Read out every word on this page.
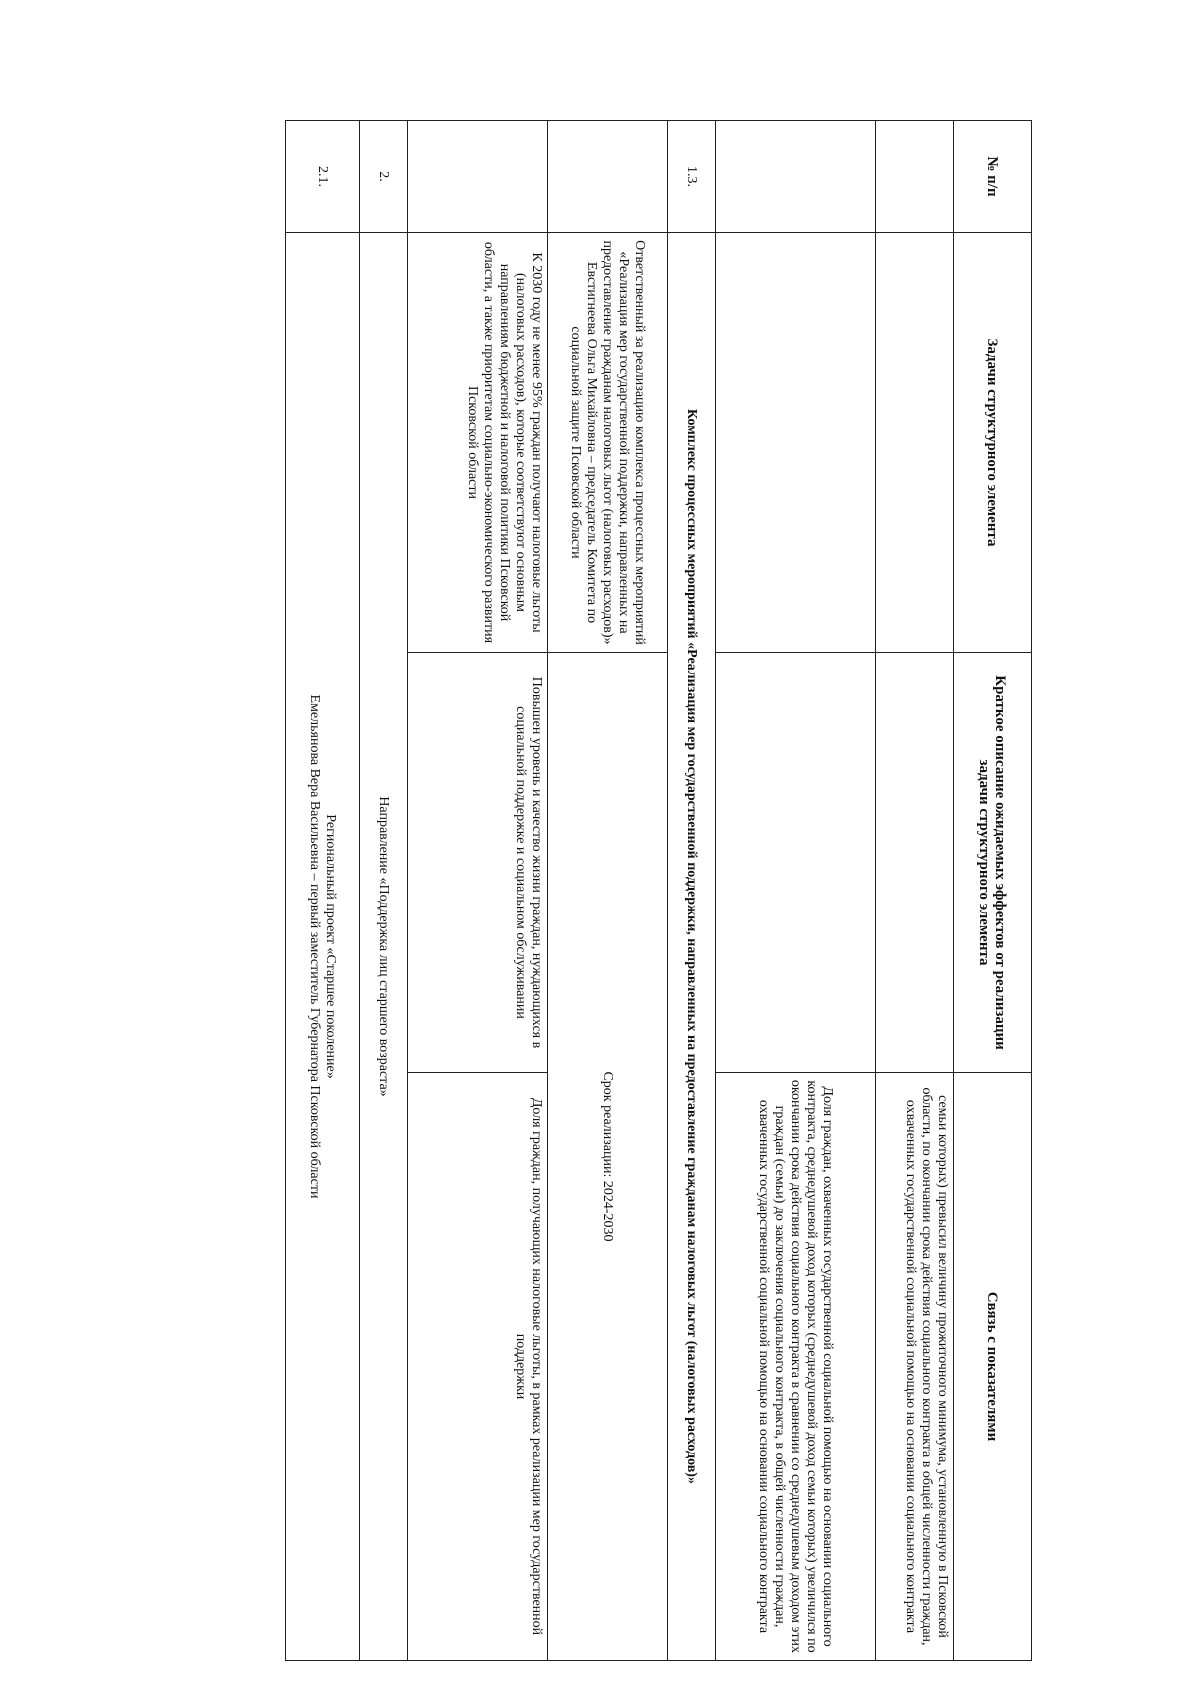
№ п/п	Задачи структурного элемента	Краткое описание ожидаемых эффектов от реализации задачи структурного элемента	Связь с показателями
			семьи которых) превысил величину прожиточного минимума, установленную в Псковской области, по окончании срока действия социального контракта в общей численности граждан, охваченных государственной социальной помощью на основании социального контракта
			Доля граждан, охваченных государственной социальной помощью на основании социального контракта, среднедушевой доход которых (среднедушевой доход семьи которых) увеличился по окончании срока действия социального контракта в сравнении со среднедушевым доходом этих граждан (семьи) до заключения социального контракта, в общей численности граждан, охваченных государственной социальной помощью на основании социального контракта
1.3.	Комплекс процессных мероприятий «Реализация мер государственной поддержки, направленных на предоставление гражданам налоговых льгот (налоговых расходов)»		
	Ответственный за реализацию комплекса процессных мероприятий «Реализация мер государственной поддержки, направленных на предоставление гражданам налоговых льгот (налоговых расходов)» Евстигнеева Ольга Михайловна – председатель Комитета по социальной защите Псковской области	Срок реализации: 2024-2030	
	К 2030 году не менее 95% граждан получают налоговые льготы (налоговых расходов), которые соответствуют основным направлениям бюджетной и налоговой политики Псковской области, а также приоритетам социально-экономического развития Псковской области	Повышен уровень и качество жизни граждан, нуждающихся в социальной поддержке и социальном обслуживании	Доля граждан, получающих налоговые льготы, в рамках реализации мер государственной поддержки
2.	Направление «Поддержка лиц старшего возраста»		
2.1.	Региональный проект «Старшее поколение»
Емельянова Вера Васильевна – первый заместитель Губернатора Псковской области		
